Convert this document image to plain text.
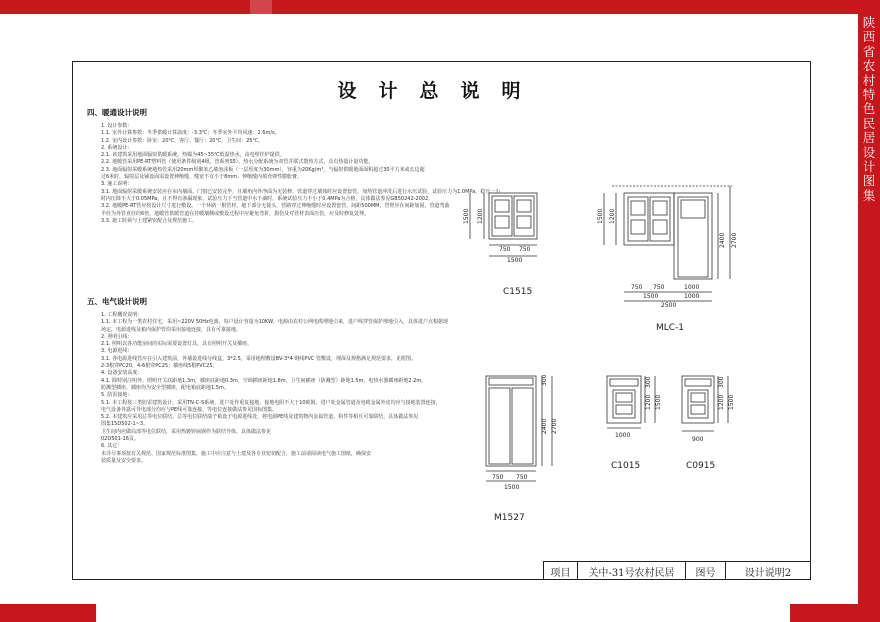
陕西省农村特色民居设计图集
设计总说明
四、暖通设计说明
1. 设计参数：
1.1. 室外计算参数：冬季供暖计算温度：-3.3℃；冬季室外平均风速：2.6m/s。
1.2. 室内设计参数：卧室：20℃，客厅、餐厅：20℃，卫生间：25℃。
2. 系统设计：
2.1. 该建筑采用地面辐射供暖系统，热媒为45~35℃低温热水，由电壁挂炉提供。
2.2. 地暖管采用PE-RT塑料管（使用条件级别4级，管系列S5），热水分配系统为双管并联式散热方式，具有热量计量功能。
2.3. 地面辐射采暖系统地热管采用20mm厚聚苯乙烯泡沫板（一层厚度为30mm），容重为20Kg/m³，当辐射供暖地面面积超过30平方米或长边超
过6米时，辐射层及铺设面需设置伸缩缝，缝宽不宜小于8mm，伸缩缝内填充弹性膨胀膏。
3. 施工说明：
3.1. 地面辐射采暖系统安装应在室内墙面、门窗已安装完毕，且墙角内外净面为无装修，管道穿过墙体时应设置套管，加热管道冲洗后进行水压试验，试验压力为1.0MPa，稳压一小
时内压降不大于0.05MPa，且不得有渗漏现象。试验压力下当管道中水不滴时，系统试验压力不小于0.4MPa为合格，具体做法参见GB50242-2002。
3.2. 地暖PE-RT管应按设计尺寸进行敷设。一个环路一根管材，地下部分无接头，管路穿过伸缩缝时应设置套管，间距500MM，管壁应在间距加固。管道弯曲
半径为外管直径的6倍，地暖管供暖管道在挂暖墙侧或敷设过程中应避免弯折，损伤及对管材表面压伤，应及时修复处理。
3.3. 施工时须与土建紧密配合及规范施工。
五、电气设计说明
1. 工程概况说明：
1.1. 本工程为一类农村住宅，采用~220V 50Hz电源，每户设计容量为10KW，电源由农村公网电缆埋地引来，进户线穿管保护埋地引入，具体进户点根据现
场定，电源进线及箱内保护管均采用接地连接，具有可靠接地。
2. 照明引线：
2.1. 照明以各功能房间的实际需要设置灯具，具有照明开关及插座。
3. 电源进线：
3.1. 各电源进线管应在引入建筑前，外墙设进线分线盒，3*2.5，采用地埋敷设BV-3*4 钢线PVC 管敷设，埋深及规格满足规范要求，见附图。
2-3根穿PC20，4-6根穿PC25；插座线5根PVC25。
4. 设备安装高度：
4.1. 除特别注明外，照明开关底距地1.3m，插座底距地0.3m，空调插座距地1.8m，卫生间插座（防溅型）距地1.5m，电热水器插座距地2.2m。
防溅型插座，插座均为安全型插座，配电箱底距地1.5m。
5. 防雷接地：
5.1. 本工程按三类防雷建筑设计，采用TN-C-S系统，进户处作重复接地，接地电阻不大于10欧姆，进户处金属管道及电缆金属外皮均应与接地装置连接，
电气设备外露可导电部分均应与PE线可靠连接，等电位连接做法参见国标图集。
5.2. 本建筑应采用总等电位联结，总等电位联结端子箱设于电源进线处，将电源PE线及建筑物内金属管道、构件等相互可靠联结，具体做法参见
图集15D502-1~3。
卫生间内应做局部等电位联结，采用热镀锌扁钢作为联结导体，具体做法参见
02D501-16页。
6. 其它：
未详尽事项按有关规范、国家规范标准图集，施工中应注意与土建及各专业密切配合，施工前请阅读电气施工图纸，确保安
装质量及安全要求。
750 750
1500
1200
1500
C1515	750 750	1000
1500	1000
2500
1500 1200
2400 2700
MLC-1
750 750
1500
300
2400 2700
M1527
1000
300
1200 1500
C1015
900
300
1200 1500
C0915
项目	关中-31号农村民居	图号	设计说明2
